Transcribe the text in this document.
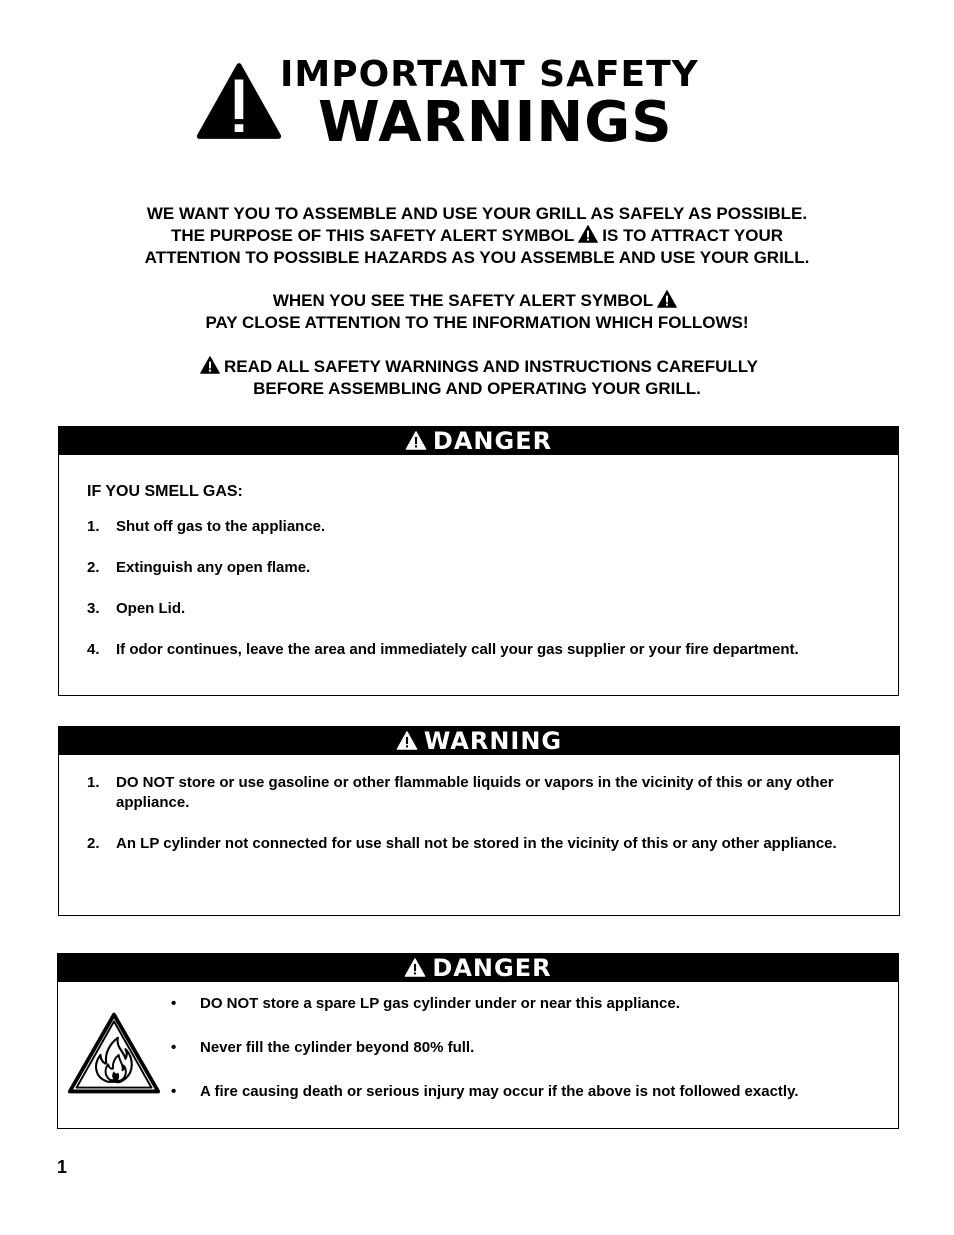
IMPORTANT SAFETY
WARNINGS
WE WANT YOU TO ASSEMBLE AND USE YOUR GRILL AS SAFELY AS POSSIBLE.
THE PURPOSE OF THIS SAFETY ALERT SYMBOL IS TO ATTRACT YOUR
ATTENTION TO POSSIBLE HAZARDS AS YOU ASSEMBLE AND USE YOUR GRILL.
WHEN YOU SEE THE SAFETY ALERT SYMBOL
PAY CLOSE ATTENTION TO THE INFORMATION WHICH FOLLOWS!
READ ALL SAFETY WARNINGS AND INSTRUCTIONS CAREFULLY
BEFORE ASSEMBLING AND OPERATING YOUR GRILL.
DANGER
IF YOU SMELL GAS:
1. Shut off gas to the appliance.
2. Extinguish any open flame.
3. Open Lid.
4. If odor continues, leave the area and immediately call your gas supplier or your fire department.
WARNING
1. DO NOT store or use gasoline or other flammable liquids or vapors in the vicinity of this or any other appliance.
2. An LP cylinder not connected for use shall not be stored in the vicinity of this or any other appliance.
DANGER
• DO NOT store a spare LP gas cylinder under or near this appliance.
• Never fill the cylinder beyond 80% full.
• A fire causing death or serious injury may occur if the above is not followed exactly.
1
